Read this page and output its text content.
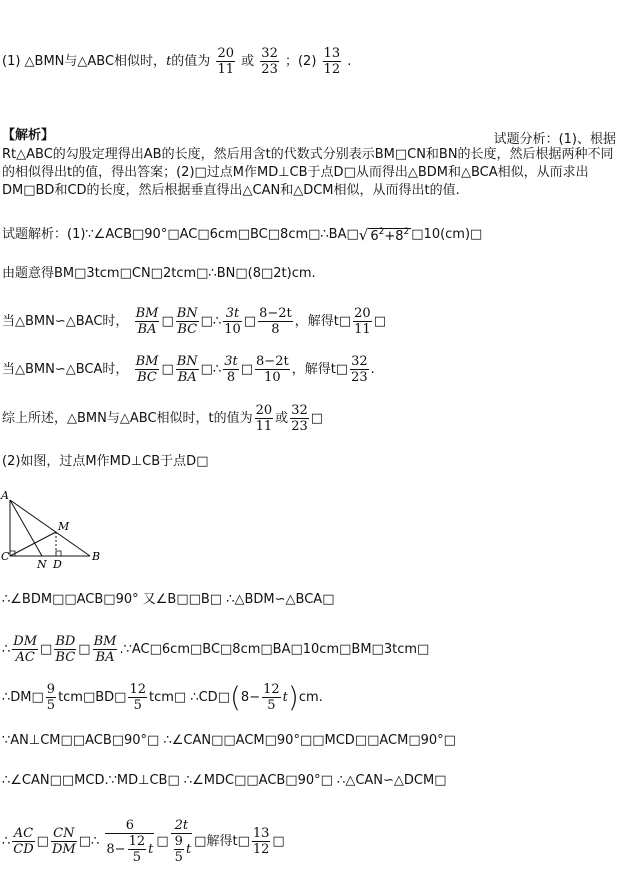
(1) △BMN与△ABC相似时，t的值为 $\frac{20}{11}$ 或 $\frac{32}{23}$ ；$(2) \frac{13}{12}$ .
【解析】	试题分析：(1)、根据
Rt△ABC的勾股定理得出AB的长度，然后用含t的代数式分别表示BM□CN和BN的长度，然后根据两种不同的相似得出t的值，得出答案；(2)□过点M作MD⊥CB于点D□从而得出△BDM和△BCA相似，从而求出DM□BD和CD的长度，然后根据垂直得出△CAN和△DCM相似，从而得出t的值.
试题解析：(1)∵∠ACB□90°□AC□6cm□BC□8cm□∴BA□√ $6^2+8^2$ □10(cm)□
由题意得BM□3tcm□CN□2tcm□∴BN□(8□2t)cm.
当△BMN∽△BAC时， $\frac{BM}{BA}$ □ $\frac{BN}{BC}$ □∴ $\frac{3t}{10}$ □ $\frac{8-2t}{8}$ ，解得t□ $\frac{20}{11}$ □
当△BMN∽△BCA时， $\frac{BM}{BC}$ □ $\frac{BN}{BA}$ □∴ $\frac{3t}{8}$ □ $\frac{8-2t}{10}$ ，解得t□ $\frac{32}{23}$ .
综上所述，△BMN与△ABC相似时，t的值为 $\frac{20}{11}$ 或 $\frac{32}{23}$ □
(2)如图，过点M作MD⊥CB于点D□
A
M
C
N D
B
∴∠BDM□□ACB□90° 又∠B□□B□ ∴△BDM∽△BCA□
∴ $\frac{DM}{AC}$ □ $\frac{BD}{BC}$ □ $\frac{BM}{BA}$ .∵AC□6cm□BC□8cm□BA□10cm□BM□3tcm□
∴DM□ $\frac{9}{5}$ tcm□BD□ $\frac{12}{5}$ tcm□ ∴CD□(8− $\frac{12}{5} t)cm$.
∵AN⊥CM□□ACB□90°□ ∴∠CAN□□ACM□90°□□MCD□□ACM□90°□
∴∠CAN□□MCD.∵MD⊥CB□ ∴∠MDC□□ACB□90°□ ∴△CAN∽△DCM□
∴ $\frac{AC}{CD}$ □ $\frac{CN}{DM}$ □∴ $\frac{6}{8- \frac{12}{5} t}$ □ $\frac{2t}{\frac{9}{5} t}$ □解得t□ $\frac{13}{12}$ □
